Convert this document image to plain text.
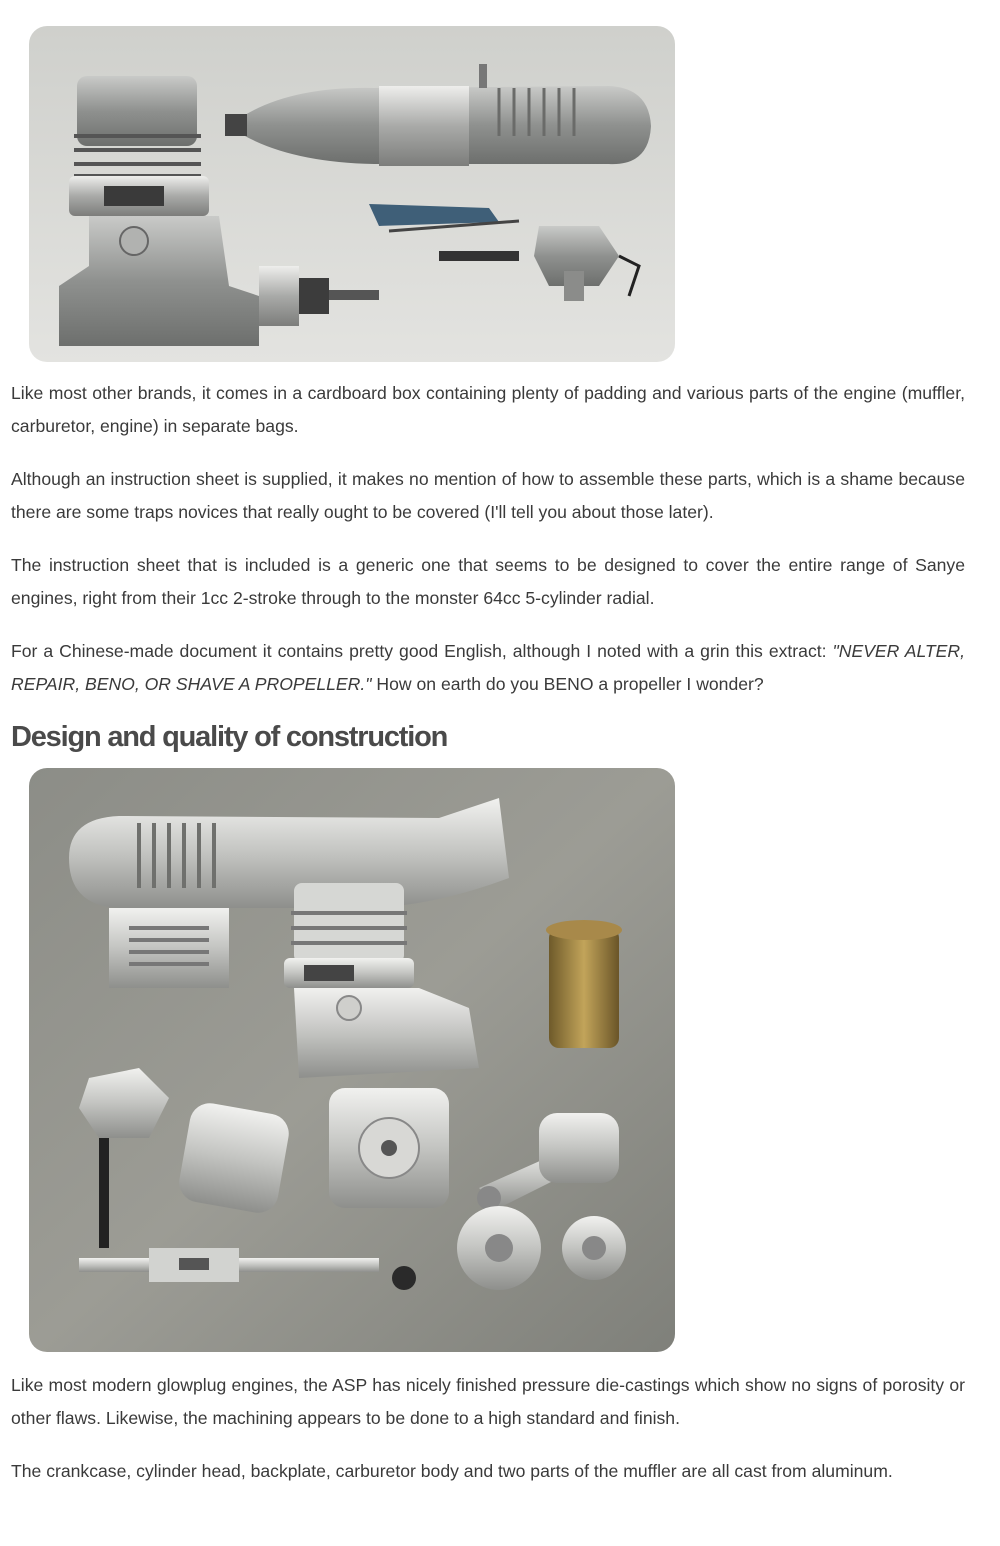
Like most other brands, it comes in a cardboard box containing plenty of padding and various parts of the engine (muffler, carburetor, engine) in separate bags.

Although an instruction sheet is supplied, it makes no mention of how to assemble these parts, which is a shame because there are some traps novices that really ought to be covered (I'll tell you about those later).

The instruction sheet that is included is a generic one that seems to be designed to cover the entire range of Sanye engines, right from their 1cc 2-stroke through to the monster 64cc 5-cylinder radial.

For a Chinese-made document it contains pretty good English, although I noted with a grin this extract: "NEVER ALTER, REPAIR, BENO, OR SHAVE A PROPELLER." How on earth do you BENO a propeller I wonder?

Design and quality of construction

Like most modern glowplug engines, the ASP has nicely finished pressure die-castings which show no signs of porosity or other flaws. Likewise, the machining appears to be done to a high standard and finish.

The crankcase, cylinder head, backplate, carburetor body and two parts of the muffler are all cast from aluminum.
